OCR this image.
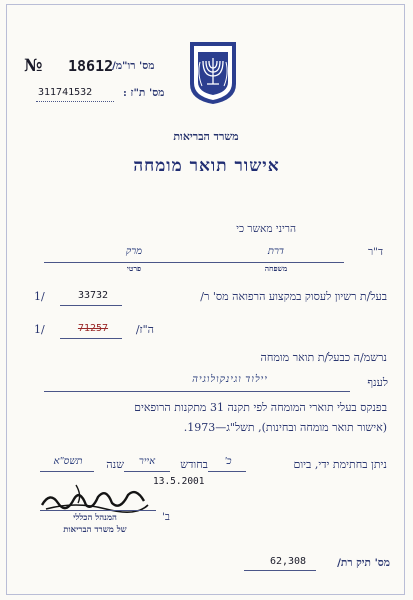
№ 18612
מס' רו"מ/
311741532	מס' ת"ז :
משרד הבריאות
אישור תואר מומחה
הריני מאשר כי
ד"ר
דרת
מרק
משפחה
פרטי
בעל/ת רשיון לעסוק במקצוע הרפואה מס' ר/
33732
1/
ה"ז/
71257
1/
נרשמ/ה כבעל/ת תואר מומחה
לענף
יילוד וגינקולוגיה
בפנקס בעלי תוארי המומחה לפי תקנה 31 מתקנות הרופאים
(אישור תואר מומחה ובחינות), תשל"ג—1973.
ניתן בחתימת ידי, ביום
כ'
בחודש
אייר
שנה
תשס"א
13.5.2001
המנהל הכללי
של משרד הבריאות
ב'
מס' תיק רת/
62,308
